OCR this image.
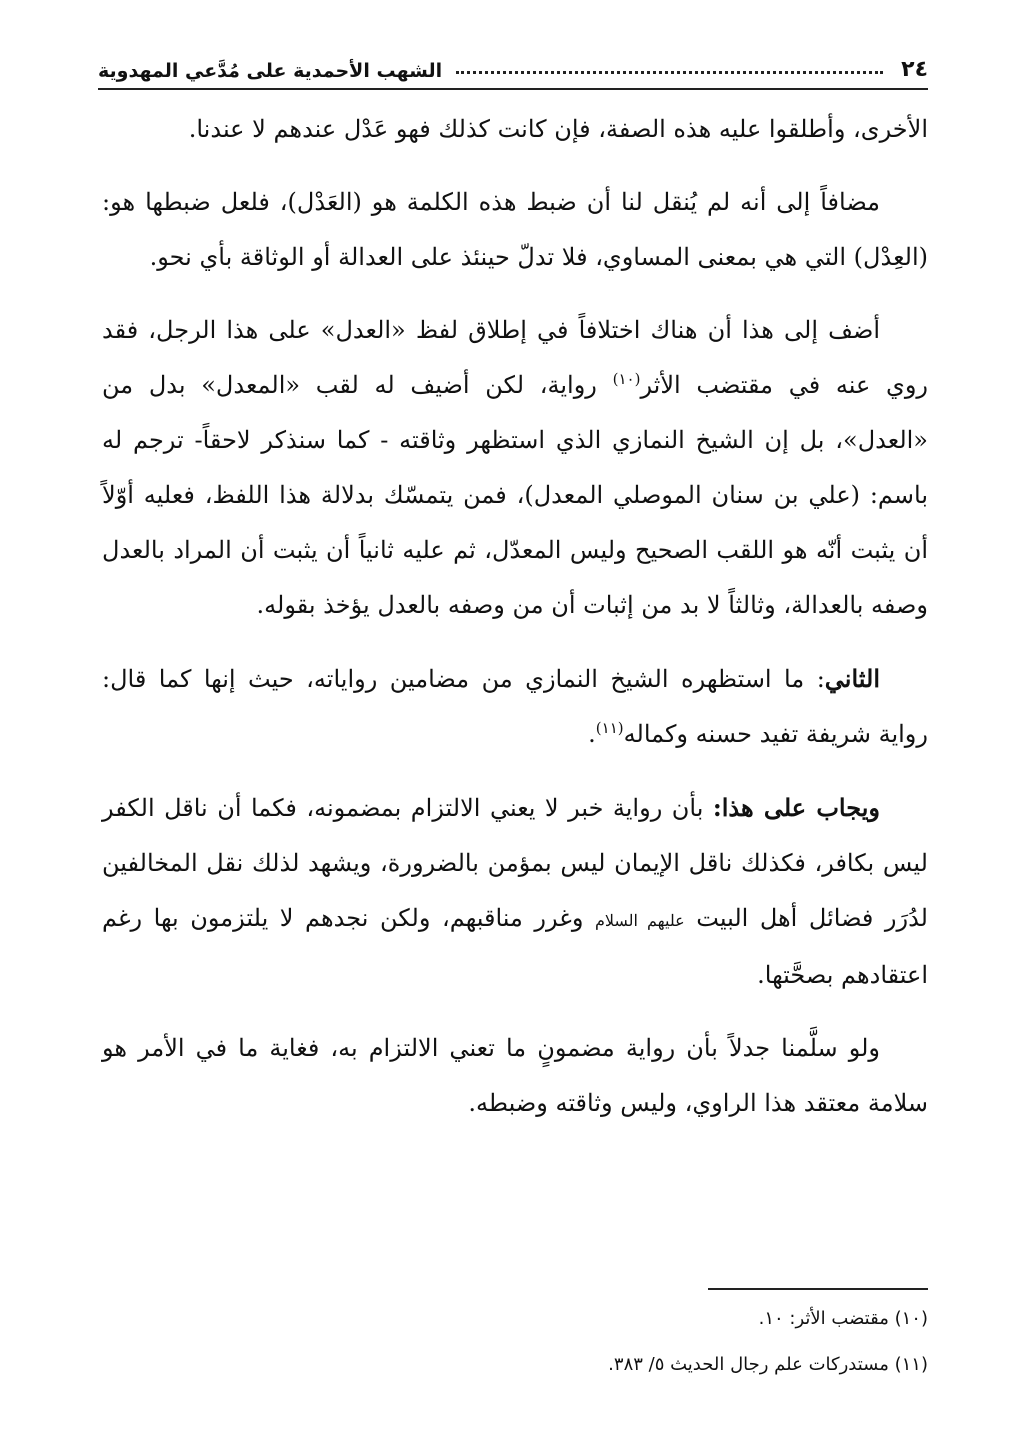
٢٤
الشهب الأحمدية على مُدَّعي المهدوية

الأخرى، وأطلقوا عليه هذه الصفة، فإن كانت كذلك فهو عَدْل عندهم لا عندنا.

مضافاً إلى أنه لم يُنقل لنا أن ضبط هذه الكلمة هو (العَدْل)، فلعل ضبطها هو: (العِدْل) التي هي بمعنى المساوي، فلا تدلّ حينئذ على العدالة أو الوثاقة بأي نحو.

أضف إلى هذا أن هناك اختلافاً في إطلاق لفظ «العدل» على هذا الرجل، فقد روي عنه في مقتضب الأثر$^{(١٠)}$ رواية، لكن أضيف له لقب «المعدل» بدل من «العدل»، بل إن الشيخ النمازي الذي استظهر وثاقته - كما سنذكر لاحقاً- ترجم له باسم: (علي بن سنان الموصلي المعدل)، فمن يتمسّك بدلالة هذا اللفظ، فعليه أوّلاً أن يثبت أنّه هو اللقب الصحيح وليس المعدّل، ثم عليه ثانياً أن يثبت أن المراد بالعدل وصفه بالعدالة، وثالثاً لا بد من إثبات أن من وصفه بالعدل يؤخذ بقوله.

الثاني: ما استظهره الشيخ النمازي من مضامين رواياته، حيث إنها كما قال: رواية شريفة تفيد حسنه وكماله$^{(١١)}$.

ويجاب على هذا: بأن رواية خبر لا يعني الالتزام بمضمونه، فكما أن ناقل الكفر ليس بكافر، فكذلك ناقل الإيمان ليس بمؤمن بالضرورة، ويشهد لذلك نقل المخالفين لدُرَر فضائل أهل البيت عليهم السلام وغرر مناقبهم، ولكن نجدهم لا يلتزمون بها رغم اعتقادهم بصحَّتها.

ولو سلَّمنا جدلاً بأن رواية مضمونٍ ما تعني الالتزام به، فغاية ما في الأمر هو سلامة معتقد هذا الراوي، وليس وثاقته وضبطه.

(١٠) مقتضب الأثر: ١٠.

(١١) مستدركات علم رجال الحديث ٥/ ٣٨٣.
